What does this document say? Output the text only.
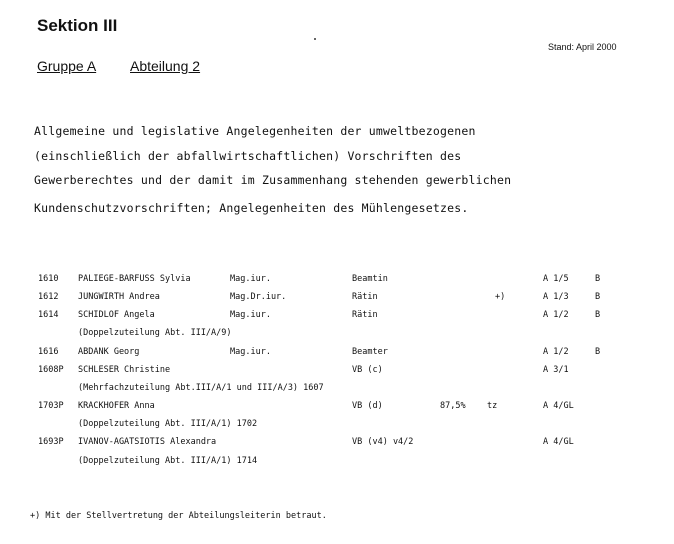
Sektion III
Stand: April 2000
Gruppe A Abteilung 2
Allgemeine und legislative Angelegenheiten der umweltbezogenen
(einschließlich der abfallwirtschaftlichen) Vorschriften des
Gewerberechtes und der damit im Zusammenhang stehenden gewerblichen
Kundenschutzvorschriften; Angelegenheiten des Mühlengesetzes.
1610 PALIEGE-BARFUSS Sylvia	Mag.iur.	Beamtin	A 1/5	B
1612 JUNGWIRTH Andrea	Mag.Dr.iur.	Rätin	+)	A 1/3	B
1614 SCHIDLOF Angela	Mag.iur.	Rätin	A 1/2	B
(Doppelzuteilung Abt. III/A/9)
1616 ABDANK Georg	Mag.iur.	Beamter	A 1/2	B
1608P SCHLESER Christine	VB (c)	A 3/1
(Mehrfachzuteilung Abt.III/A/1 und III/A/3) 1607
1703P KRACKHOFER Anna	VB (d)	87,5%	tz	A 4/GL
(Doppelzuteilung Abt. III/A/1) 1702
1693P IVANOV-AGATSIOTIS Alexandra	VB (v4) v4/2	A 4/GL
(Doppelzuteilung Abt. III/A/1) 1714
+) Mit der Stellvertretung der Abteilungsleiterin betraut.
